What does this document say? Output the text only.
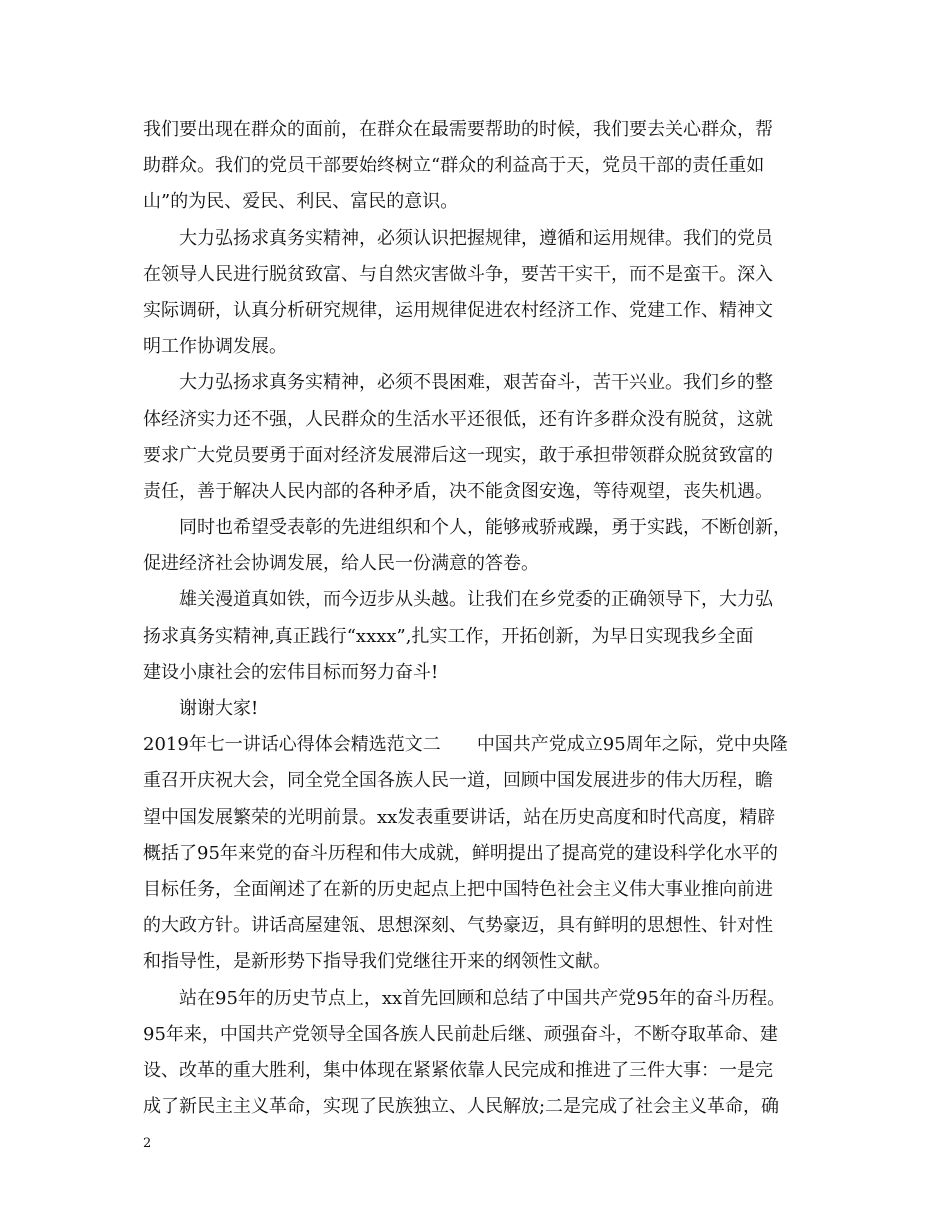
我们要出现在群众的面前，在群众在最需要帮助的时候，我们要去关心群众，帮
助群众。我们的党员干部要始终树立“群众的利益高于天，党员干部的责任重如
山”的为民、爱民、利民、富民的意识。
大力弘扬求真务实精神，必须认识把握规律，遵循和运用规律。我们的党员
在领导人民进行脱贫致富、与自然灾害做斗争，要苦干实干，而不是蛮干。深入
实际调研，认真分析研究规律，运用规律促进农村经济工作、党建工作、精神文
明工作协调发展。
大力弘扬求真务实精神，必须不畏困难，艰苦奋斗，苦干兴业。我们乡的整
体经济实力还不强，人民群众的生活水平还很低，还有许多群众没有脱贫，这就
要求广大党员要勇于面对经济发展滞后这一现实，敢于承担带领群众脱贫致富的
责任，善于解决人民内部的各种矛盾，决不能贪图安逸，等待观望，丧失机遇。
同时也希望受表彰的先进组织和个人，能够戒骄戒躁，勇于实践，不断创新，
促进经济社会协调发展，给人民一份满意的答卷。
雄关漫道真如铁，而今迈步从头越。让我们在乡党委的正确领导下，大力弘
扬求真务实精神,真正践行“xxxx”,扎实工作，开拓创新，为早日实现我乡全面
建设小康社会的宏伟目标而努力奋斗!
谢谢大家!
2019年七一讲话心得体会精选范文二 中国共产党成立95周年之际，党中央隆
重召开庆祝大会，同全党全国各族人民一道，回顾中国发展进步的伟大历程，瞻
望中国发展繁荣的光明前景。xx发表重要讲话，站在历史高度和时代高度，精辟
概括了95年来党的奋斗历程和伟大成就，鲜明提出了提高党的建设科学化水平的
目标任务，全面阐述了在新的历史起点上把中国特色社会主义伟大事业推向前进
的大政方针。讲话高屋建瓴、思想深刻、气势豪迈，具有鲜明的思想性、针对性
和指导性，是新形势下指导我们党继往开来的纲领性文献。
站在95年的历史节点上，xx首先回顾和总结了中国共产党95年的奋斗历程。
95年来，中国共产党领导全国各族人民前赴后继、顽强奋斗，不断夺取革命、建
设、改革的重大胜利，集中体现在紧紧依靠人民完成和推进了三件大事：一是完
成了新民主主义革命，实现了民族独立、人民解放;二是完成了社会主义革命，确
2
